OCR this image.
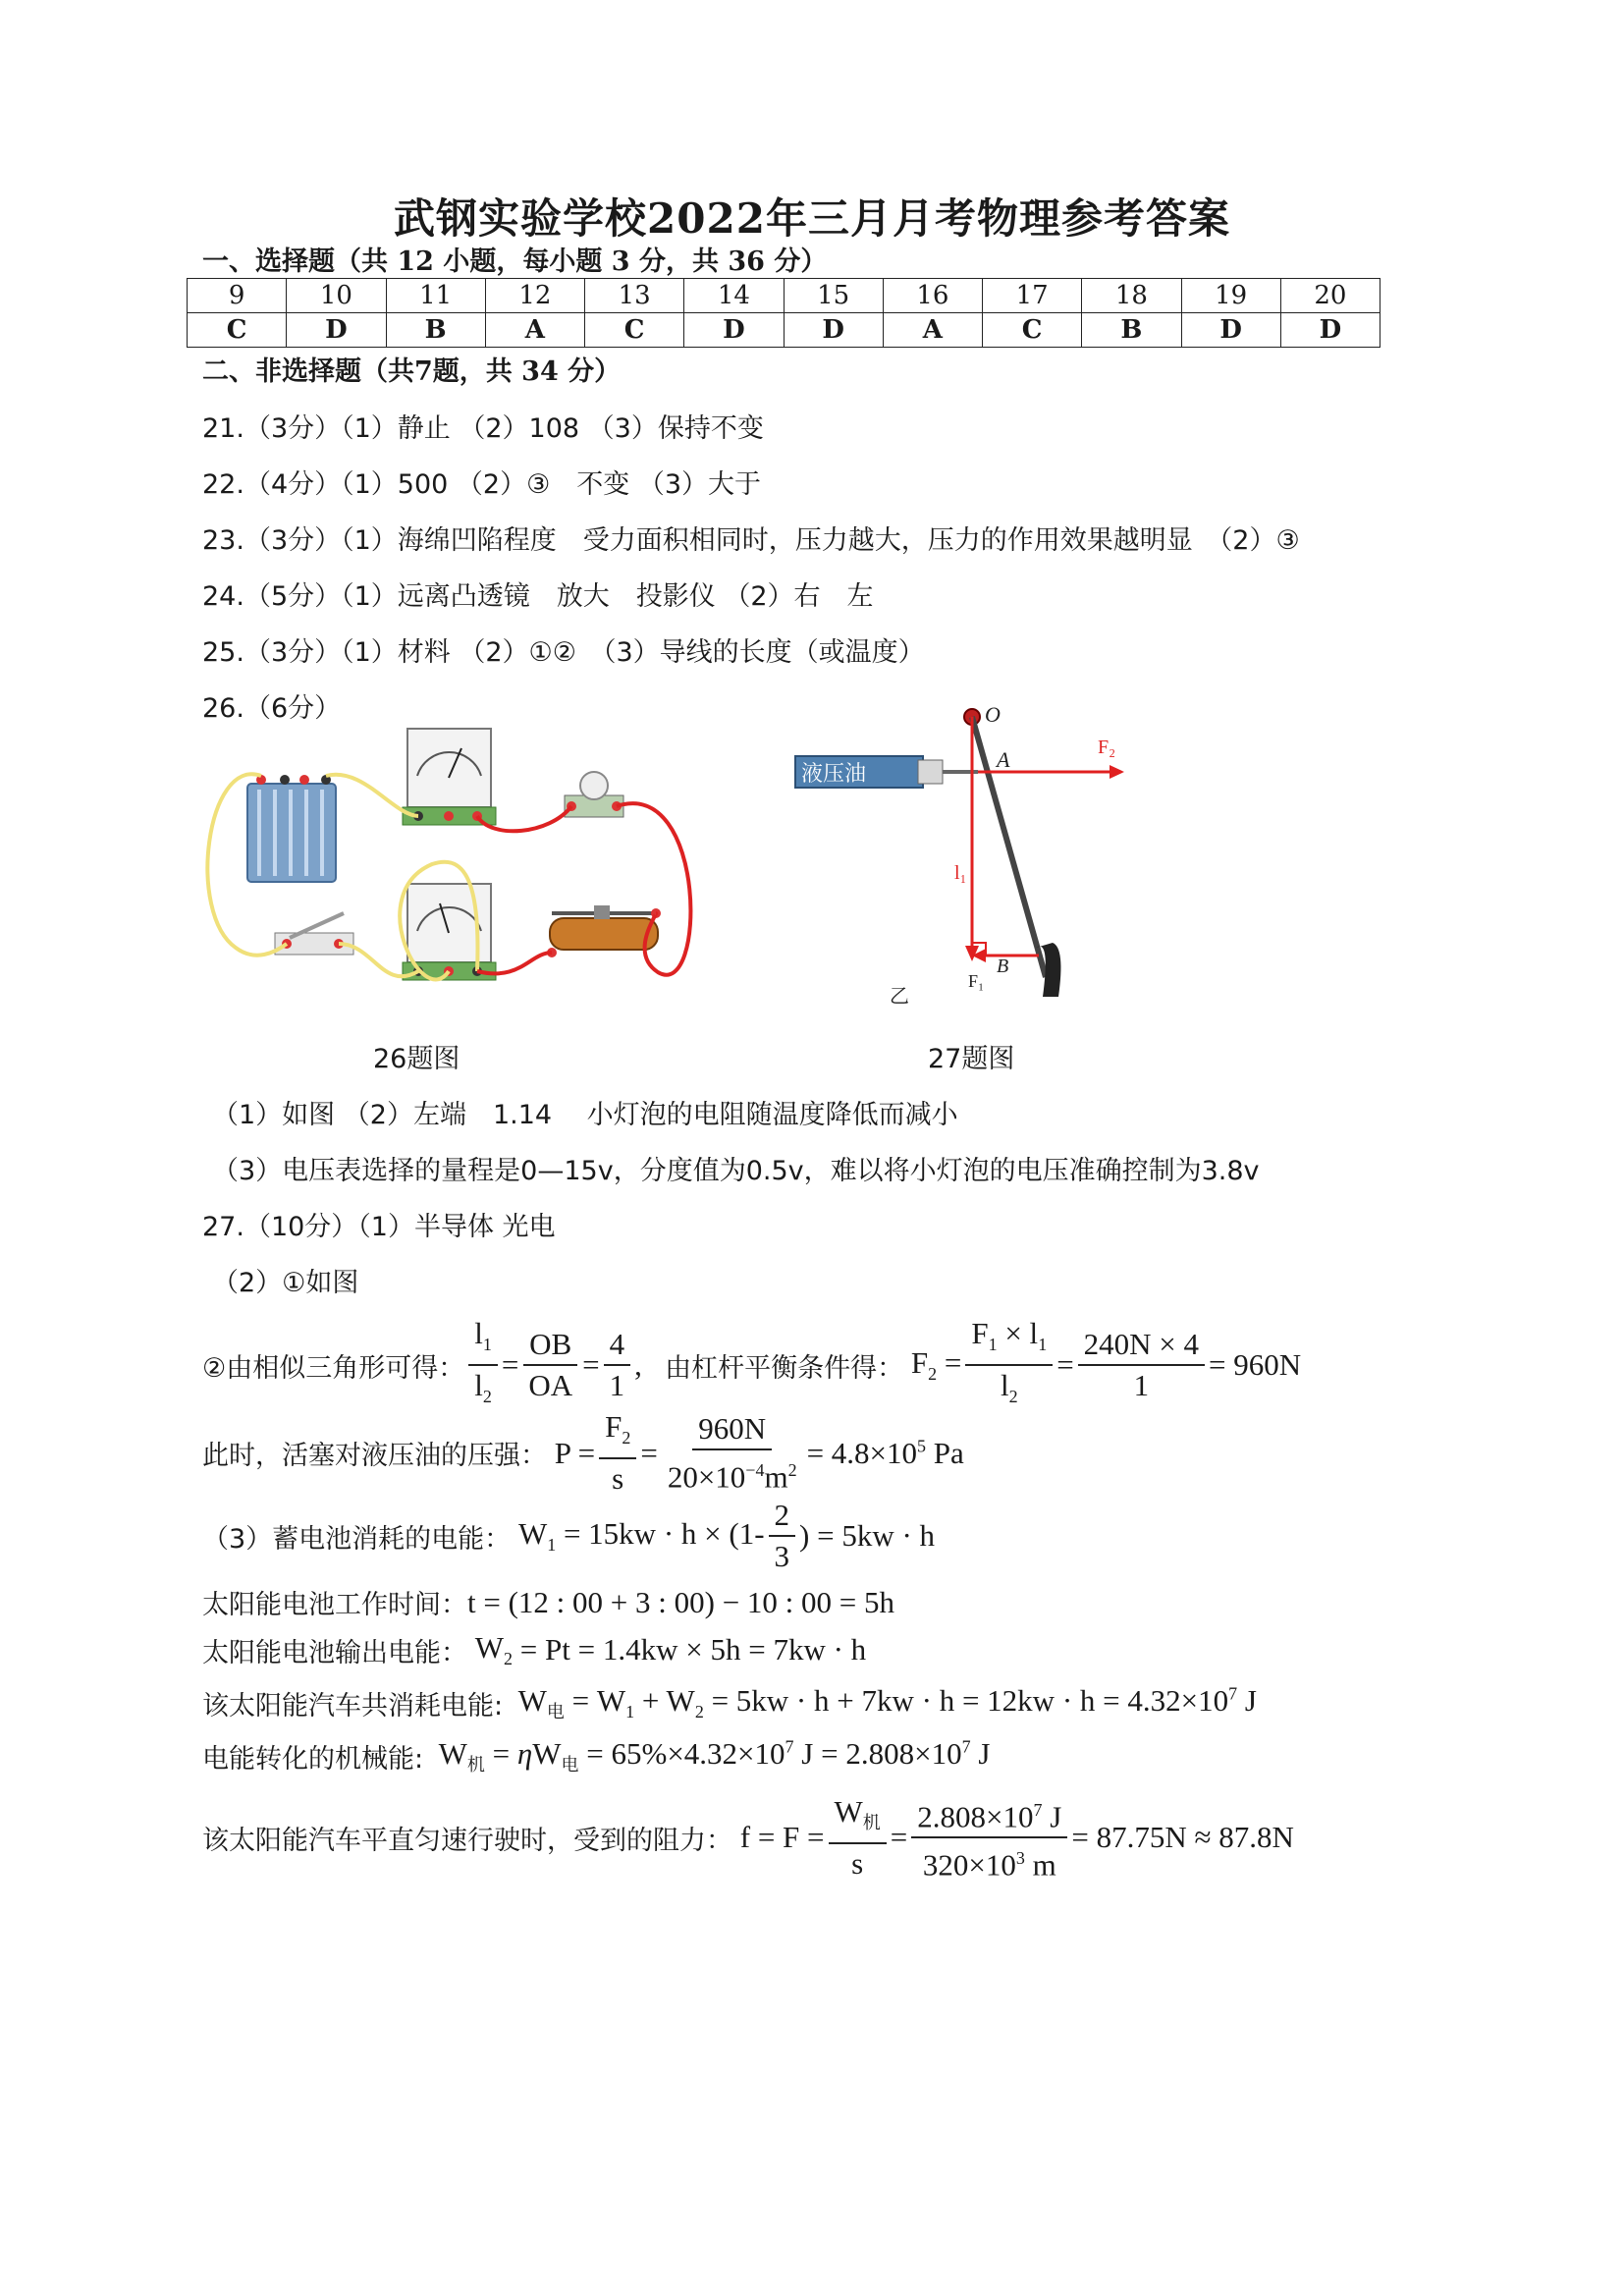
武钢实验学校2022年三月月考物理参考答案
一、选择题（共 12 小题，每小题 3 分，共 36 分）
9	10	11	12	13	14	15	16	17	18	19	20
C	D	B	A	C	D	D	A	C	B	D	D
二、非选择题（共7题，共 34 分）
21.（3分）（1）静止 （2）108 （3）保持不变
22.（4分）（1）500 （2）③　不变 （3）大于
23.（3分）（1）海绵凹陷程度　受力面积相同时，压力越大，压力的作用效果越明显　（2）③
24.（5分）（1）远离凸透镜　放大　投影仪 （2）右　左
25.（3分）（1）材料 （2）①②　（3）导线的长度（或温度）
26.（6分）
26题图
液压油
O
A
B
F₂
l₁
F₁
乙
27题图
（1）如图 （2）左端　1.14　 小灯泡的电阻随温度降低而减小
（3）电压表选择的量程是0—15v，分度值为0.5v，难以将小灯泡的电压准确控制为3.8v
27.（10分）（1）半导体 光电
（2）①如图
②由相似三角形可得： $\frac{l_1}{l_2} = \frac{OB}{OA} = \frac{4}{1}$ , 由杠杆平衡条件得： $F_2 = \frac{F_1 \times l_1}{l_2} = \frac{240N \times 4}{1} = 960N$
此时，活塞对液压油的压强： $P = \frac{F_2}{s} = \frac{960N}{20\times 10^{-4}m^2} = 4.8\times 10^5$ Pa
（3）蓄电池消耗的电能： $W_1 = 15kw \cdot h \times (1- \frac{2}{3}$ ) = 5kw · h
太阳能电池工作时间： t = (12 : 00 + 3 : 00) − 10 : 00 = 5h
太阳能电池输出电能： $W_2 = Pt = 1.4kw \times 5h = 7kw \cdot h$
该太阳能汽车共消耗电能: $W_电 = W_1 + W_2 = 5kw \cdot h + 7kw \cdot h = 12kw \cdot h = 4.32\times 10^7$ J
电能转化的机械能: $W_机 = \eta W_电 = 65\%\times 4.32\times 10^7$ $J = 2.808\times 10^7$ J
该太阳能汽车平直匀速行驶时，受到的阻力： $f = F = \frac{W_机}{s} = \frac{2.808\times 10^7 J}{320\times 10^3 m} = 87.75N \approx 87.8N$
